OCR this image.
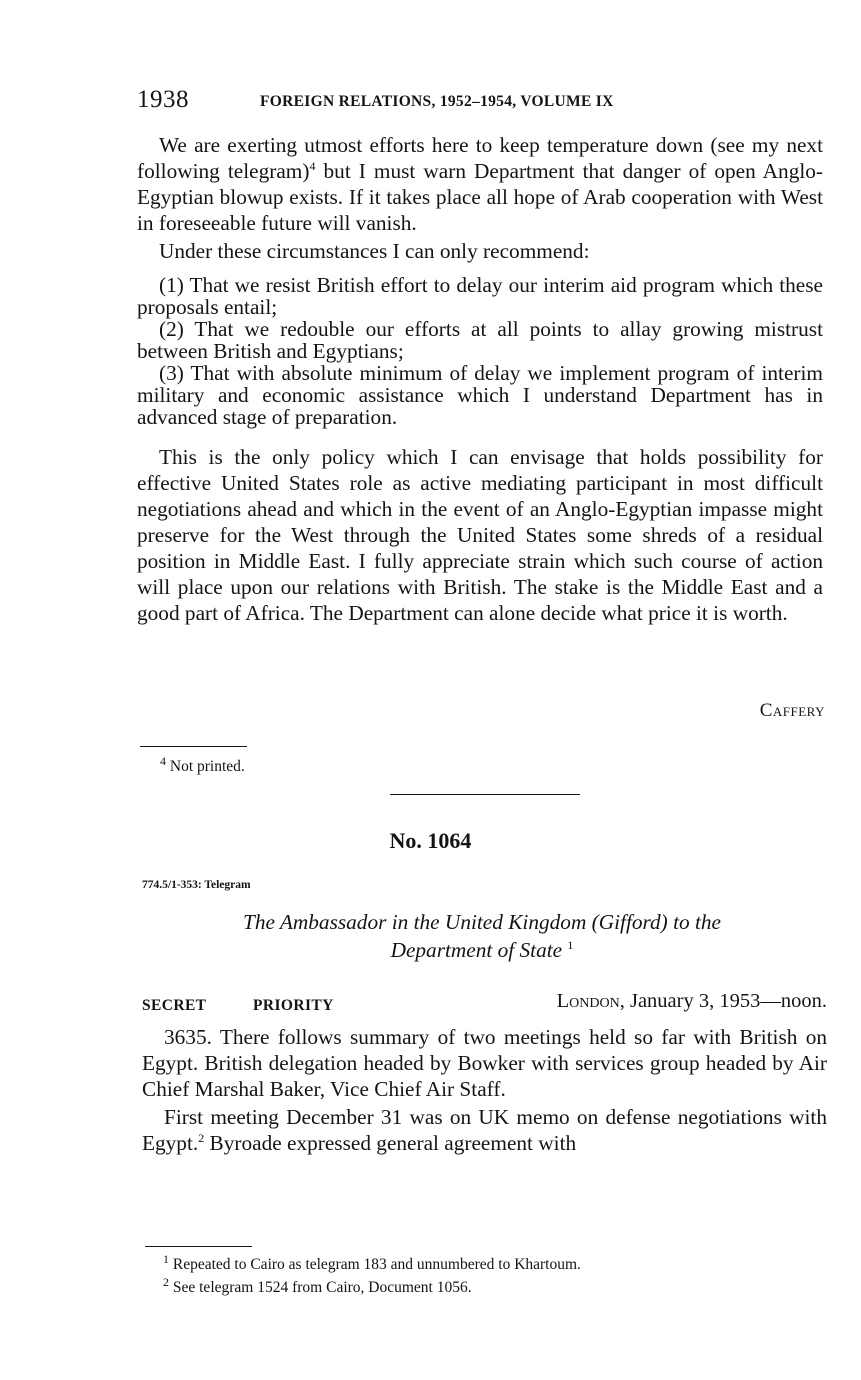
1938	FOREIGN RELATIONS, 1952–1954, VOLUME IX

We are exerting utmost efforts here to keep temperature down (see my next following telegram)$^4$ but I must warn Department that danger of open Anglo-Egyptian blowup exists. If it takes place all hope of Arab cooperation with West in foreseeable future will vanish.

Under these circumstances I can only recommend:

(1) That we resist British effort to delay our interim aid program which these proposals entail;

(2) That we redouble our efforts at all points to allay growing mistrust between British and Egyptians;

(3) That with absolute minimum of delay we implement program of interim military and economic assistance which I understand Department has in advanced stage of preparation.

This is the only policy which I can envisage that holds possibility for effective United States role as active mediating participant in most difficult negotiations ahead and which in the event of an Anglo-Egyptian impasse might preserve for the West through the United States some shreds of a residual position in Middle East. I fully appreciate strain which such course of action will place upon our relations with British. The stake is the Middle East and a good part of Africa. The Department can alone decide what price it is worth.

Caffery
$^4$ Not printed.
No. 1064
774.5/1-353: Telegram
The Ambassador in the United Kingdom (Gifford) to the
Department of State $^1$
SECRET	PRIORITY	London, January 3, 1953—noon.

3635. There follows summary of two meetings held so far with British on Egypt. British delegation headed by Bowker with services group headed by Air Chief Marshal Baker, Vice Chief Air Staff.

First meeting December 31 was on UK memo on defense negotiations with Egypt.$^2$ Byroade expressed general agreement with

$^1$ Repeated to Cairo as telegram 183 and unnumbered to Khartoum.
$^2$ See telegram 1524 from Cairo, Document 1056.
